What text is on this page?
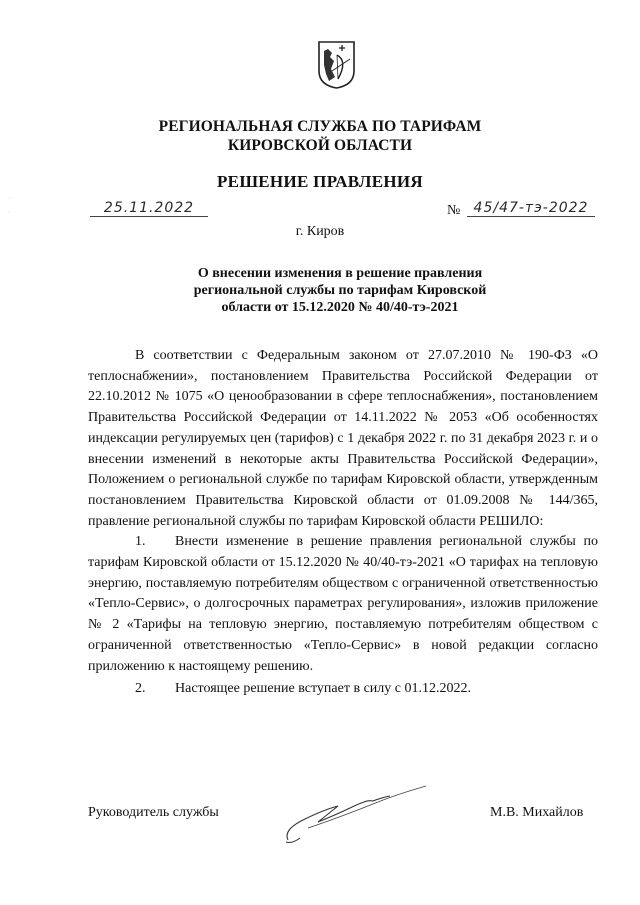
РЕГИОНАЛЬНАЯ СЛУЖБА ПО ТАРИФАМ
КИРОВСКОЙ ОБЛАСТИ
РЕШЕНИЕ ПРАВЛЕНИЯ
25.11.2022	№ 45/47-тэ-2022
г. Киров
·
·
О внесении изменения в решение правления
региональной службы по тарифам Кировской
области от 15.12.2020 № 40/40-тэ-2021

В соответствии с Федеральным законом от 27.07.2010 № 190-ФЗ «О теплоснабжении», постановлением Правительства Российской Федерации от 22.10.2012 № 1075 «О ценообразовании в сфере теплоснабжения», постановлением Правительства Российской Федерации от 14.11.2022 № 2053 «Об особенностях индексации регулируемых цен (тарифов) с 1 декабря 2022 г. по 31 декабря 2023 г. и о внесении изменений в некоторые акты Правительства Российской Федерации», Положением о региональной службе по тарифам Кировской области, утвержденным постановлением Правительства Кировской области от 01.09.2008 № 144/365, правление региональной службы по тарифам Кировской области РЕШИЛО:

1. Внести изменение в решение правления региональной службы по тарифам Кировской области от 15.12.2020 № 40/40-тэ-2021 «О тарифах на тепловую энергию, поставляемую потребителям обществом с ограниченной ответственностью «Тепло-Сервис», о долгосрочных параметрах регулирования», изложив приложение № 2 «Тарифы на тепловую энергию, поставляемую потребителям обществом с ограниченной ответственностью «Тепло-Сервис» в новой редакции согласно приложению к настоящему решению.

2. Настоящее решение вступает в силу с 01.12.2022.

Руководитель службы	М.В. Михайлов
